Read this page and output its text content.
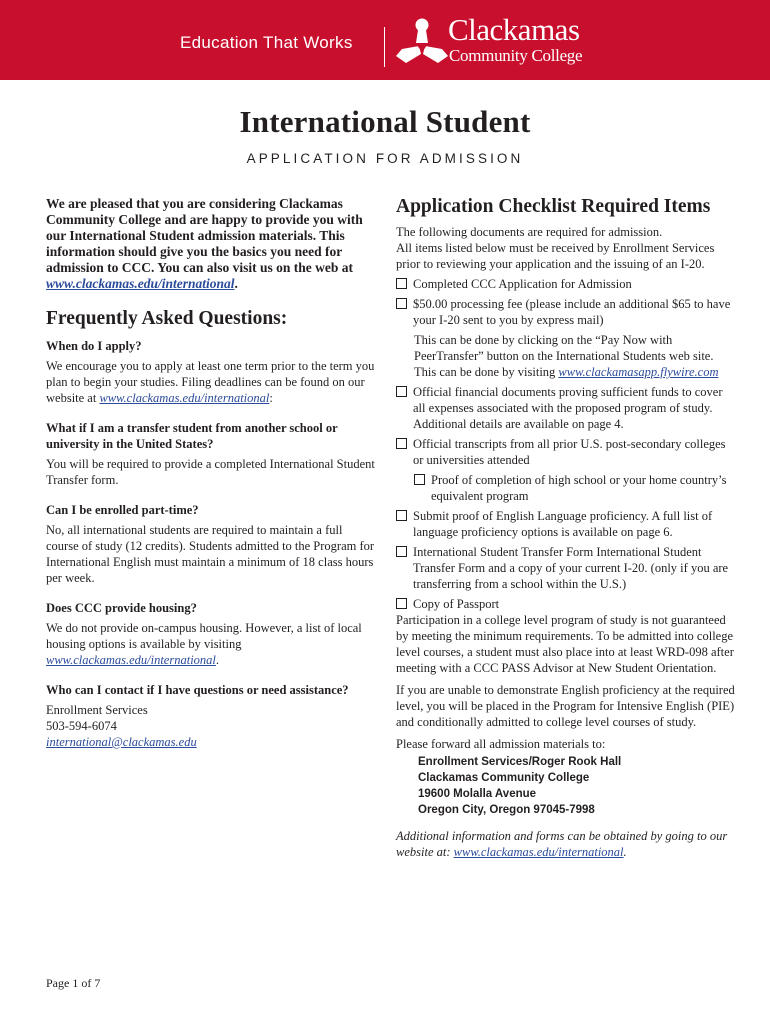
Education That Works	Clackamas
Community College
International Student
APPLICATION FOR ADMISSION

We are pleased that you are considering Clackamas Community College and are happy to provide you with our International Student admission materials. This information should give you the basics you need for admission to CCC. You can also visit us on the web at www.clackamas.edu/international.

Frequently Asked Questions:

When do I apply?

We encourage you to apply at least one term prior to the term you plan to begin your studies. Filing deadlines can be found on our website at www.clackamas.edu/international:

What if I am a transfer student from another school or university in the United States?

You will be required to provide a completed International Student Transfer form.

Can I be enrolled part-time?

No, all international students are required to maintain a full course of study (12 credits). Students admitted to the Program for International English must maintain a minimum of 18 class hours per week.

Does CCC provide housing?

We do not provide on-campus housing. However, a list of local housing options is available by visiting www.clackamas.edu/international.

Who can I contact if I have questions or need assistance?

Enrollment Services

503-594-6074

international@clackamas.edu

Application Checklist Required Items

The following documents are required for admission.

All items listed below must be received by Enrollment Services prior to reviewing your application and the issuing of an I-20.

Completed CCC Application for Admission
$50.00 processing fee (please include an additional $65 to have your I-20 sent to you by express mail)

This can be done by clicking on the “Pay Now with PeerTransfer” button on the International Students web site. This can be done by visiting www.clackamasapp.flywire.com

Official financial documents proving sufficient funds to cover all expenses associated with the proposed program of study. Additional details are available on page 4.
Official transcripts from all prior U.S. post-secondary colleges or universities attended
Proof of completion of high school or your home country’s equivalent program
Submit proof of English Language proficiency. A full list of language proficiency options is available on page 6.
International Student Transfer Form International Student Transfer Form and a copy of your current I-20. (only if you are transferring from a school within the U.S.)
Copy of Passport

Participation in a college level program of study is not guaranteed by meeting the minimum requirements. To be admitted into college level courses, a student must also place into at least WRD-098 after meeting with a CCC PASS Advisor at New Student Orientation.

If you are unable to demonstrate English proficiency at the required level, you will be placed in the Program for Intensive English (PIE) and conditionally admitted to college level courses of study.

Please forward all admission materials to:

Enrollment Services/Roger Rook Hall
Clackamas Community College
19600 Molalla Avenue
Oregon City, Oregon 97045-7998

Additional information and forms can be obtained by going to our website at: www.clackamas.edu/international.

Page 1 of 7
